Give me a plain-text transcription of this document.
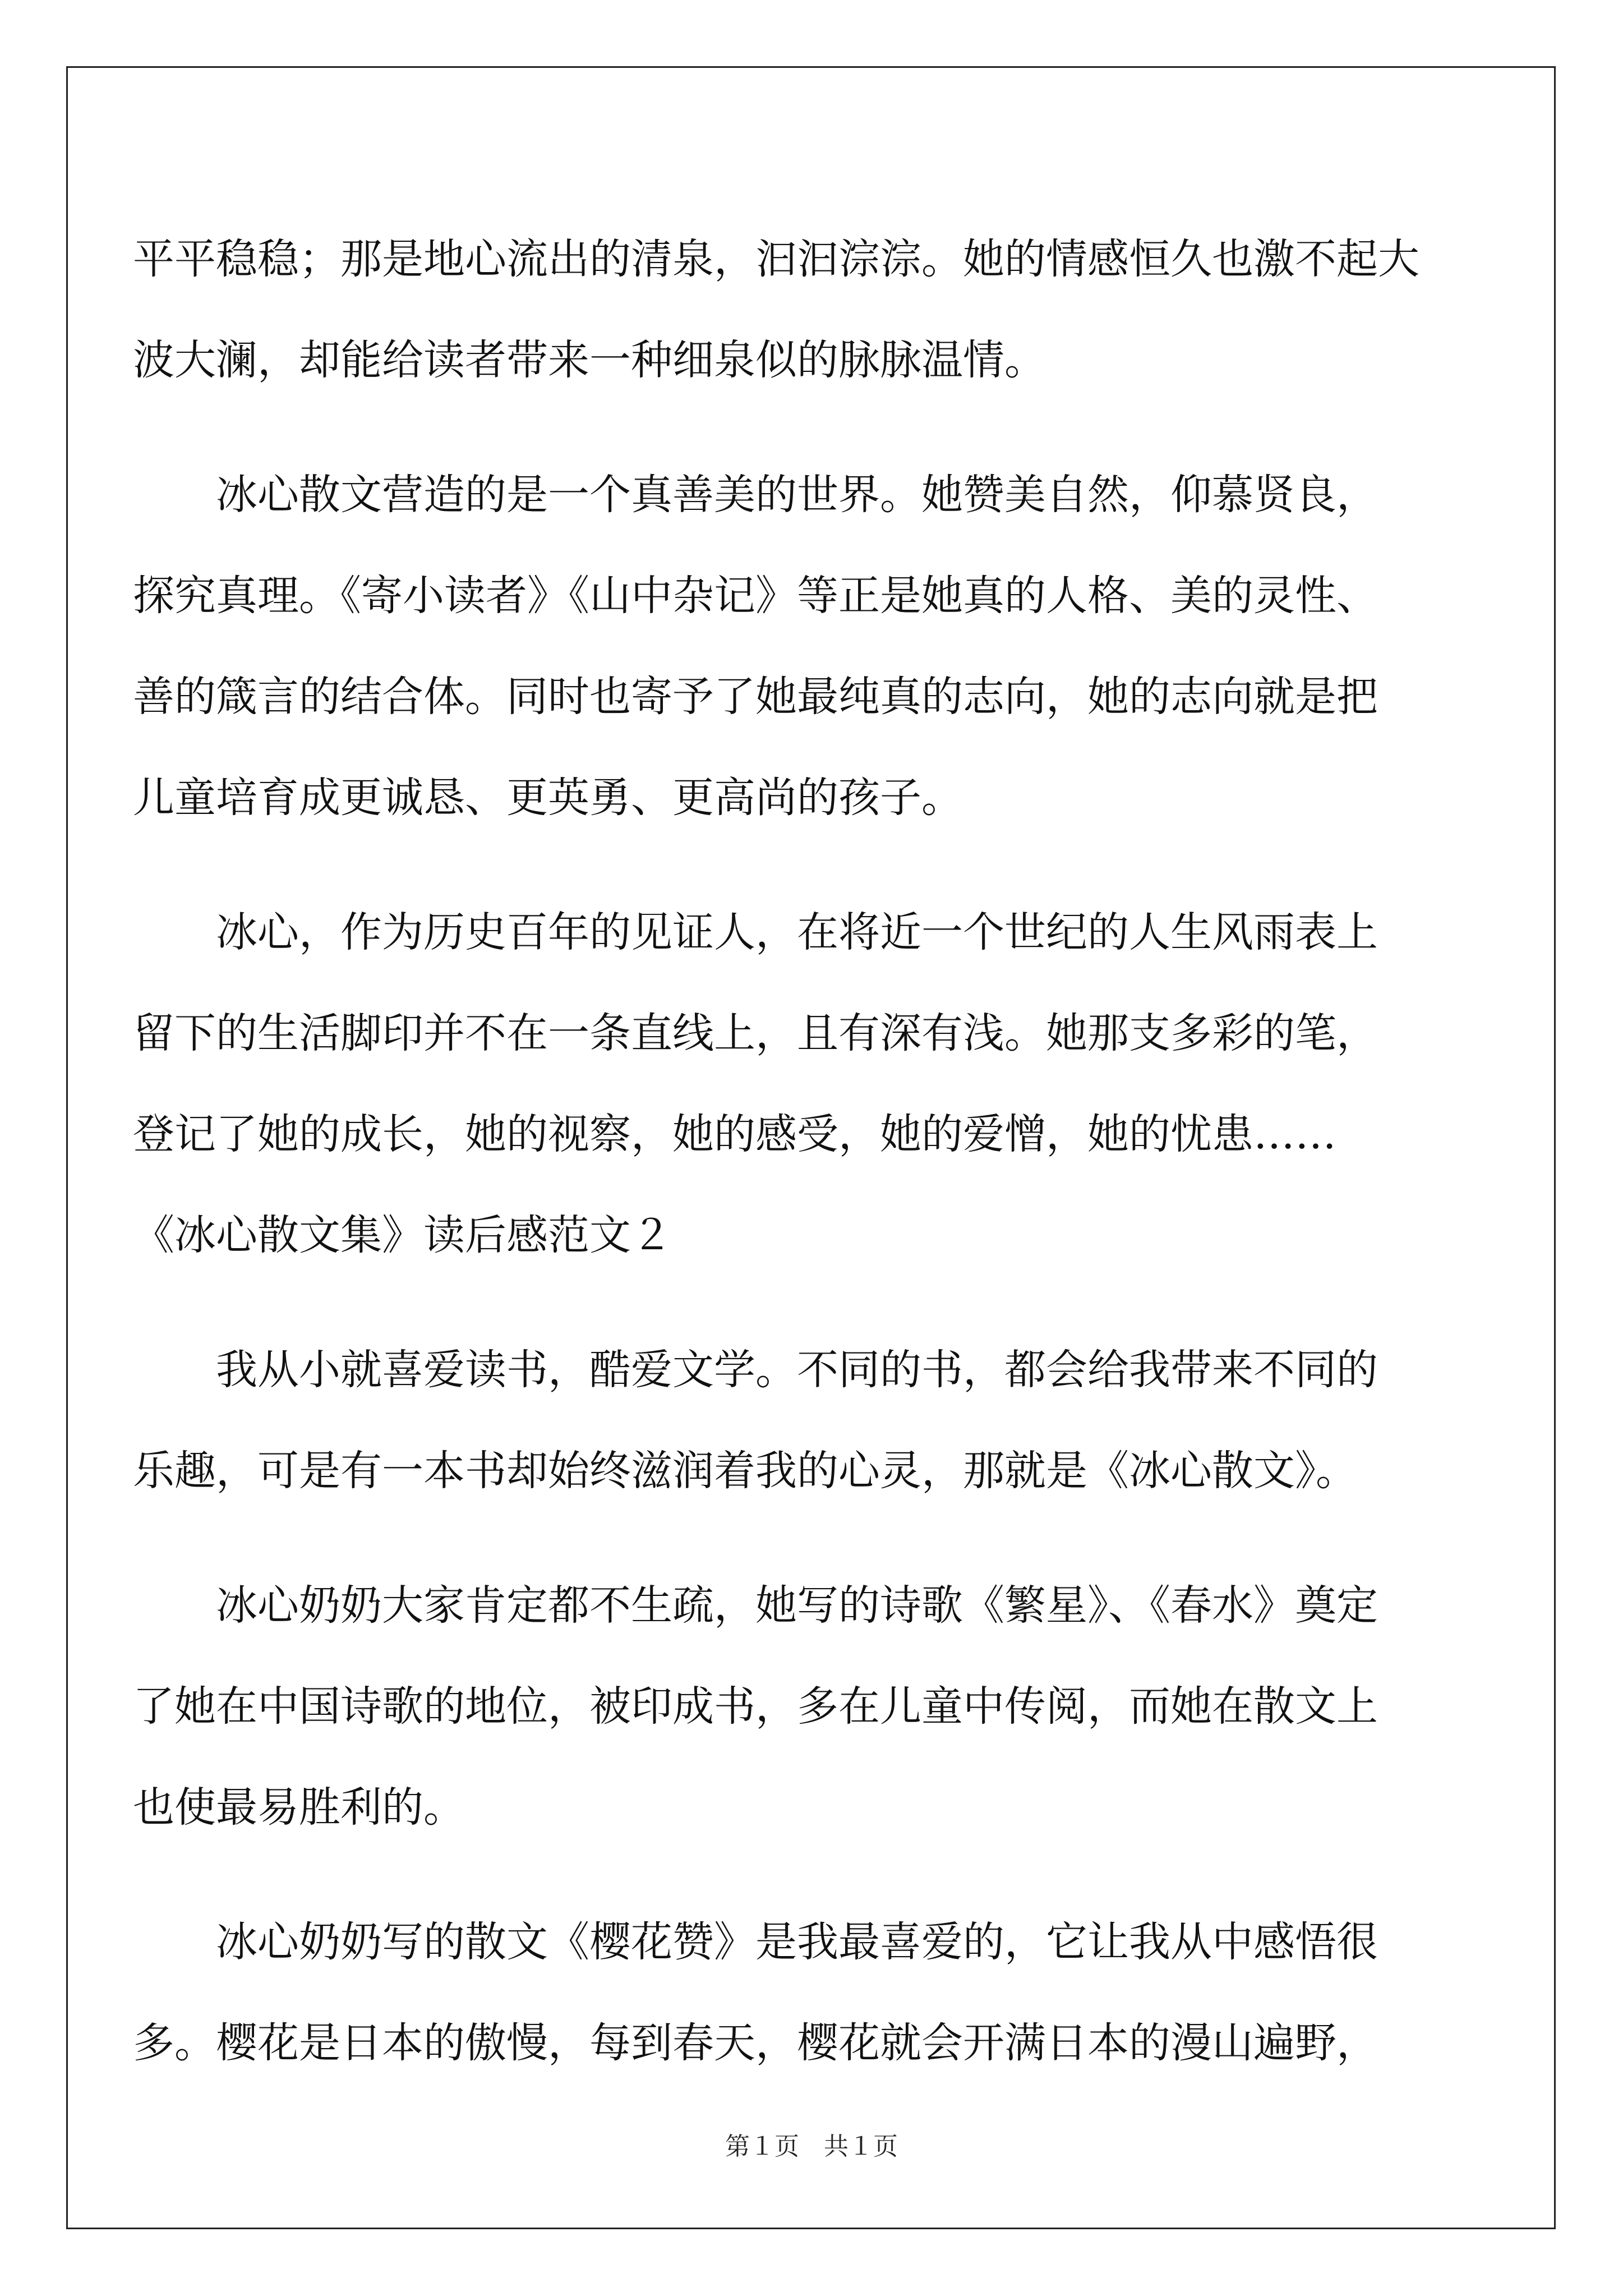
平平稳稳；那是地心流出的清泉，汩汩淙淙。她的情感恒久也激不起大
波大澜，却能给读者带来一种细泉似的脉脉温情。
冰心散文营造的是一个真善美的世界。她赞美自然，仰慕贤良，
探究真理。《寄小读者》《山中杂记》等正是她真的人格、美的灵性、
善的箴言的结合体。同时也寄予了她最纯真的志向，她的志向就是把
儿童培育成更诚恳、更英勇、更高尚的孩子。
冰心，作为历史百年的见证人，在将近一个世纪的人生风雨表上
留下的生活脚印并不在一条直线上，且有深有浅。她那支多彩的笔，
登记了她的成长，她的视察，她的感受，她的爱憎，她的忧患……
《冰心散文集》读后感范文２
我从小就喜爱读书，酷爱文学。不同的书，都会给我带来不同的
乐趣，可是有一本书却始终滋润着我的心灵，那就是《冰心散文》。
冰心奶奶大家肯定都不生疏，她写的诗歌《繁星》、《春水》奠定
了她在中国诗歌的地位，被印成书，多在儿童中传阅，而她在散文上
也使最易胜利的。
冰心奶奶写的散文《樱花赞》是我最喜爱的，它让我从中感悟很
多。樱花是日本的傲慢，每到春天，樱花就会开满日本的漫山遍野，
第１页　共１页
